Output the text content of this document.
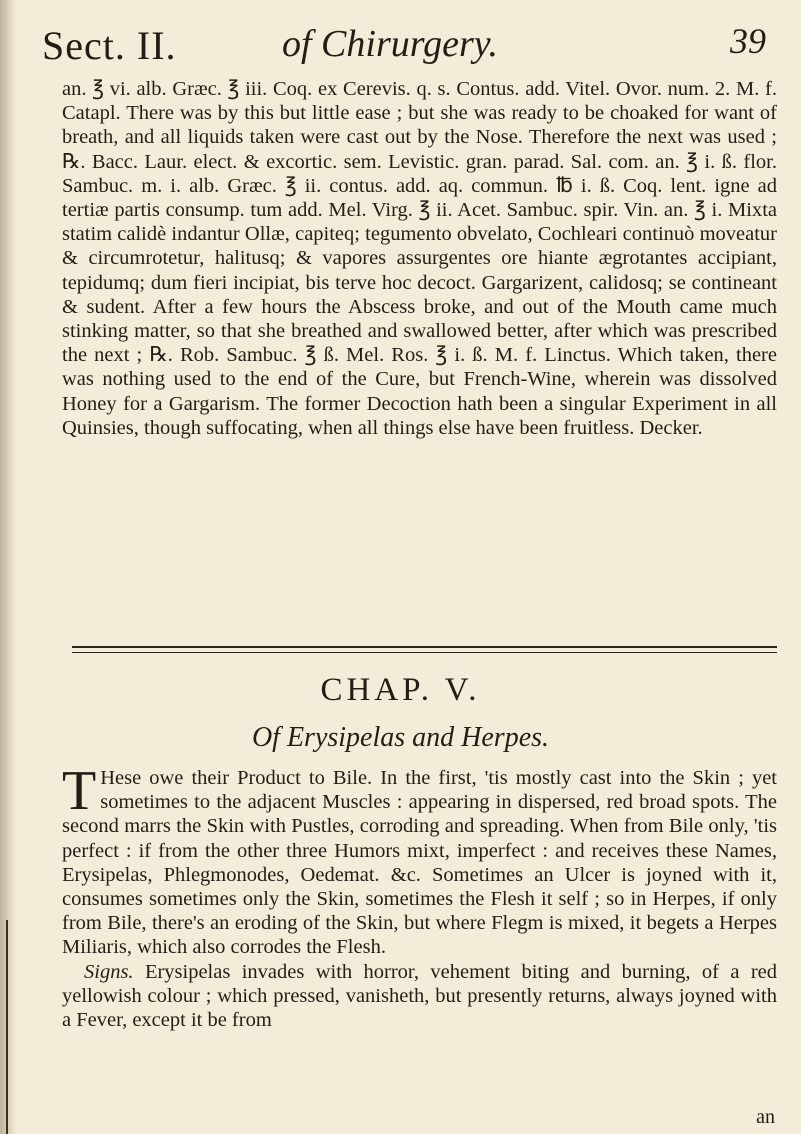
Sect. II.	of Chirurgery.	39

an. ℥ vi. alb. Græc. ℥ iii. Coq. ex Cerevis. q. s. Contus. add. Vitel. Ovor. num. 2. M. f. Catapl. There was by this but little ease ; but she was ready to be choaked for want of breath, and all liquids taken were cast out by the Nose. Therefore the next was used ; ℞. Bacc. Laur. elect. & excortic. sem. Levistic. gran. parad. Sal. com. an. ℥ i. ß. flor. Sambuc. m. i. alb. Græc. ℥ ii. contus. add. aq. commun. ℔ i. ß. Coq. lent. igne ad tertiæ partis consump. tum add. Mel. Virg. ℥ ii. Acet. Sambuc. spir. Vin. an. ℥ i. Mixta statim calidè indantur Ollæ, capiteq; tegumento obvelato, Cochleari continuò moveatur & circumrotetur, halitusq; & vapores assurgentes ore hiante ægrotantes accipiant, tepidumq; dum fieri incipiat, bis terve hoc decoct. Gargarizent, calidosq; se contineant & sudent. After a few hours the Abscess broke, and out of the Mouth came much stinking matter, so that she breathed and swallowed better, after which was prescribed the next ; ℞. Rob. Sambuc. ℥ ß. Mel. Ros. ℥ i. ß. M. f. Linctus. Which taken, there was nothing used to the end of the Cure, but French-Wine, wherein was dissolved Honey for a Gargarism. The former Decoction hath been a singular Experiment in all Quinsies, though suffocating, when all things else have been fruitless. Decker.

CHAP. V.
Of Erysipelas and Herpes.

T Hese owe their Product to Bile. In the first, 'tis mostly cast into the Skin ; yet sometimes to the adjacent Muscles : appearing in dispersed, red broad spots. The second marrs the Skin with Pustles, corroding and spreading. When from Bile only, 'tis perfect : if from the other three Humors mixt, imperfect : and receives these Names, Erysipelas, Phlegmonodes, Oedemat. &c. Sometimes an Ulcer is joyned with it, consumes sometimes only the Skin, sometimes the Flesh it self ; so in Herpes, if only from Bile, there's an eroding of the Skin, but where Flegm is mixed, it begets a Herpes Miliaris, which also corrodes the Flesh.

Signs. Erysipelas invades with horror, vehement biting and burning, of a red yellowish colour ; which pressed, vanisheth, but presently returns, always joyned with a Fever, except it be from

an
